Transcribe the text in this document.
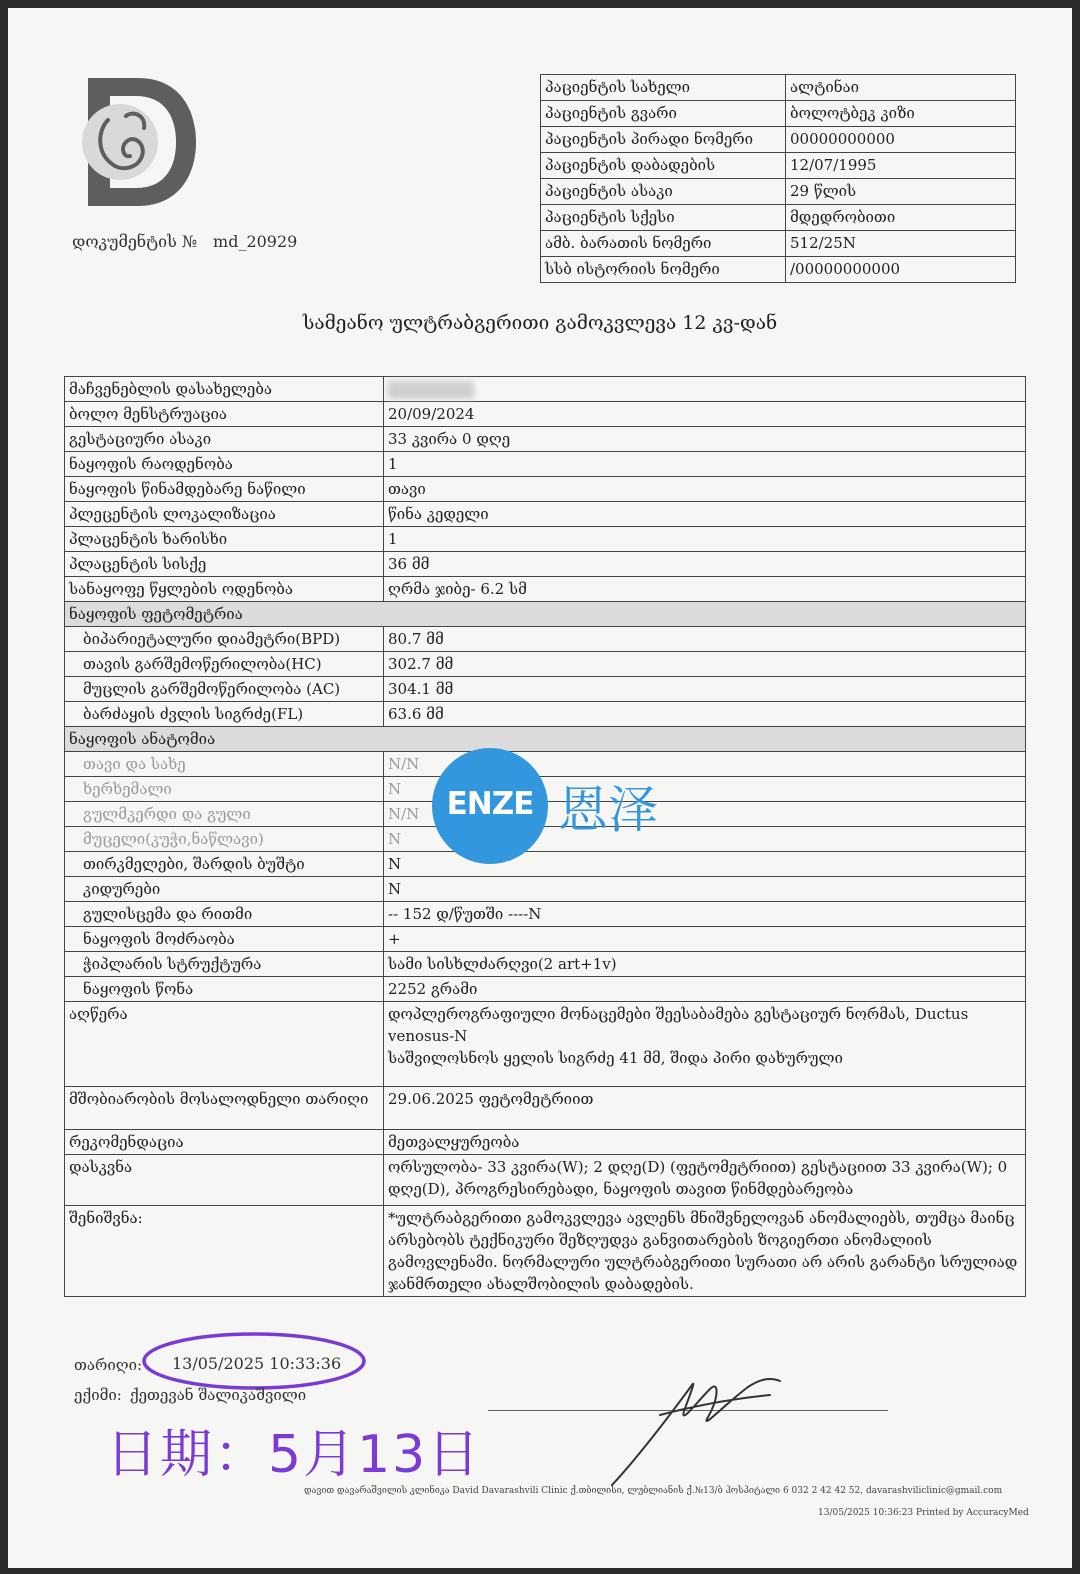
დოკუმენტის № md_20929
პაციენტის სახელი	ალტინაი
პაციენტის გვარი	ბოლოტბეკ კიზი
პაციენტის პირადი ნომერი	00000000000
პაციენტის დაბადების	12/07/1995
პაციენტის ასაკი	29 წლის
პაციენტის სქესი	მდედრობითი
ამბ. ბარათის ნომერი	512/25N
სსბ ისტორიის ნომერი	/00000000000
სამეანო ულტრაბგერითი გამოკვლევა 12 კვ-დან
მაჩვენებლის დასახელება	
ბოლო მენსტრუაცია	20/09/2024
გესტაციური ასაკი	33 კვირა 0 დღე
ნაყოფის რაოდენობა	1
ნაყოფის წინამდებარე ნაწილი	თავი
პლეცენტის ლოკალიზაცია	წინა კედელი
პლაცენტის ხარისხი	1
პლაცენტის სისქე	36 მმ
სანაყოფე წყლების ოდენობა	ღრმა ჯიბე- 6.2 სმ
ნაყოფის ფეტომეტრია	
ბიპარიეტალური დიამეტრი(BPD)	80.7 მმ
თავის გარშემოწერილობა(HC)	302.7 მმ
მუცლის გარშემოწერილობა (AC)	304.1 მმ
ბარძაყის ძვლის სიგრძე(FL)	63.6 მმ
ნაყოფის ანატომია	
თავი და სახე	N/N
ხერხემალი	N
გულმკერდი და გული	N/N
მუცელი(კუჭი,ნაწლავი)	N
თირკმელები, შარდის ბუშტი	N
კიდურები	N
გულისცემა და რითმი	-- 152 დ/წუთში ----N
ნაყოფის მოძრაობა	+
ჭიპლარის სტრუქტურა	სამი სისხლძარღვი(2 art+1v)
ნაყოფის წონა	2252 გრამი
აღწერა	დოპლეროგრაფიული მონაცემები შეესაბამება გესტაციურ ნორმას, Ductus venosus-N
საშვილოსნოს ყელის სიგრძე 41 მმ, შიდა პირი დახურული

მშობიარობის მოსალოდნელი თარიღი	29.06.2025 ფეტომეტრიით
რეკომენდაცია	მეთვალყურეობა
დასკვნა	ორსულობა- 33 კვირა(W); 2 დღე(D) (ფეტომეტრიით) გესტაციით 33 კვირა(W); 0 დღე(D), პროგრესირებადი, ნაყოფის თავით წინმდებარეობა
შენიშვნა:	*ულტრაბგერითი გამოკვლევა ავლენს მნიშვნელოვან ანომალიებს, თუმცა მაინც არსებობს ტექნიკური შეზღუდვა განვითარების ზოგიერთი ანომალიის გამოვლენამი. ნორმალური ულტრაბგერითი სურათი არ არის გარანტი სრულიად ჯანმრთელი ახალშობილის დაბადების.
ENZE 恩泽
თარიღი: 13/05/2025 10:33:36
ექიმი: ქეთევან შალიკაშვილი
日期：5月13日
დავით დავარაშვილის კლინიკა David Davarashvili Clinic ქ.თბილისი, ლუბლიანის ქ.№13/ბ ჰოსპიტალი 6 032 2 42 42 52, davarashviliclinic@gmail.com
13/05/2025 10:36:23 Printed by AccuracyMed
